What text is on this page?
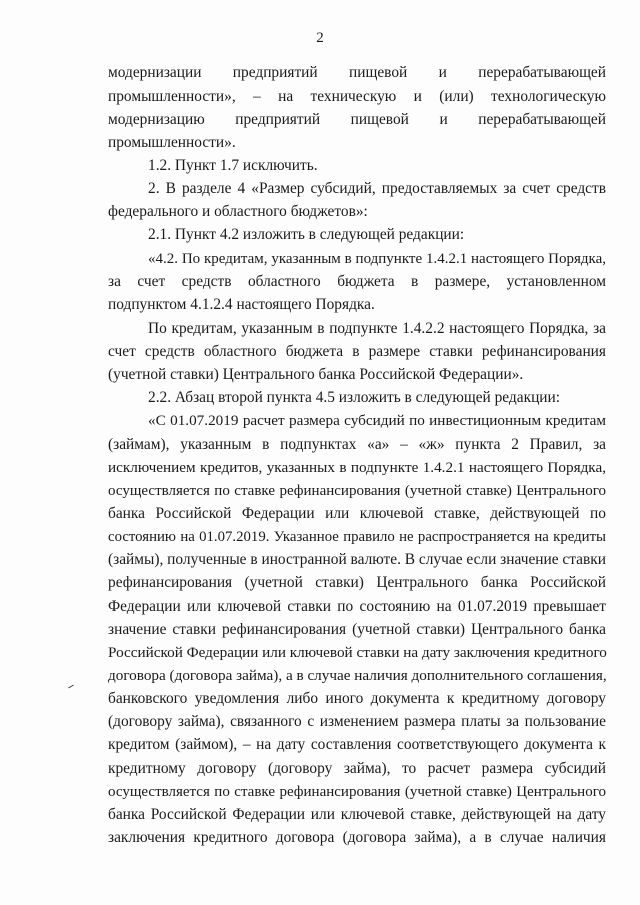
2
модернизации предприятий пищевой и перерабатывающей
промышленности», – на техническую и (или) технологическую
модернизацию предприятий пищевой и перерабатывающей
промышленности».
1.2. Пункт 1.7 исключить.
2. В разделе 4 «Размер субсидий, предоставляемых за счет средств
федерального и областного бюджетов»:
2.1. Пункт 4.2 изложить в следующей редакции:
«4.2. По кредитам, указанным в подпункте 1.4.2.1 настоящего Порядка,
за счет средств областного бюджета в размере, установленном
подпунктом 4.1.2.4 настоящего Порядка.
По кредитам, указанным в подпункте 1.4.2.2 настоящего Порядка, за
счет средств областного бюджета в размере ставки рефинансирования
(учетной ставки) Центрального банка Российской Федерации».
2.2. Абзац второй пункта 4.5 изложить в следующей редакции:
«С 01.07.2019 расчет размера субсидий по инвестиционным кредитам
(займам), указанным в подпунктах «а» – «ж» пункта 2 Правил, за
исключением кредитов, указанных в подпункте 1.4.2.1 настоящего Порядка,
осуществляется по ставке рефинансирования (учетной ставке) Центрального
банка Российской Федерации или ключевой ставке, действующей по
состоянию на 01.07.2019. Указанное правило не распространяется на кредиты
(займы), полученные в иностранной валюте. В случае если значение ставки
рефинансирования (учетной ставки) Центрального банка Российской
Федерации или ключевой ставки по состоянию на 01.07.2019 превышает
значение ставки рефинансирования (учетной ставки) Центрального банка
Российской Федерации или ключевой ставки на дату заключения кредитного
договора (договора займа), а в случае наличия дополнительного соглашения,
банковского уведомления либо иного документа к кредитному договору
(договору займа), связанного с изменением размера платы за пользование
кредитом (займом), – на дату составления соответствующего документа к
кредитному договору (договору займа), то расчет размера субсидий
осуществляется по ставке рефинансирования (учетной ставке) Центрального
банка Российской Федерации или ключевой ставке, действующей на дату
заключения кредитного договора (договора займа), а в случае наличия
